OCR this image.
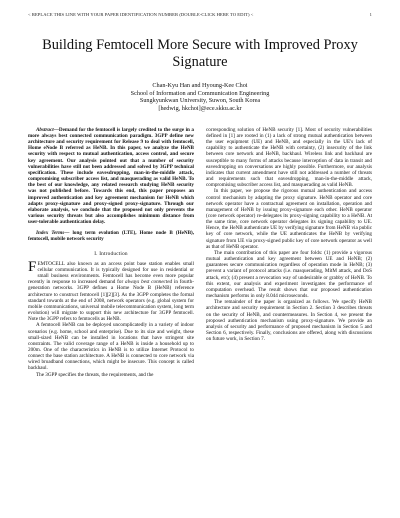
< REPLACE THIS LINE WITH YOUR PAPER IDENTIFICATION NUMBER (DOUBLE-CLICK HERE TO EDIT) <	1
Building Femtocell More Secure with Improved Proxy Signature
Chan-Kyu Han and Hyoung-Kee Choi
School of Information and Communication Engineering
Sungkyunkwan University, Suwon, South Korea
[hedwig, hkchoi]@ece.skku.ac.kr

Abstract—Demand for the femtocell is largely credited to the surge in a more always best connected communication paradigm. 3GPP define new architecture and security requirement for Release 9 to deal with femtocell, Home eNode B referred as HeNB. In this paper, we analyze the HeNB security with respect to mutual authentication, access control, and secure key agreement. Our analysis pointed out that a number of security vulnerabilities have still not been addressed and solved by 3GPP technical specification. These include eavesdropping, man-in-the-middle attack, compromising subscriber access list, and masquerading as valid HeNB. To the best of our knowledge, any related research studying HeNB security was not published before. Towards this end, this paper proposes an improved authentication and key agreement mechanism for HeNB which adapts proxy-signature and proxy-signed proxy-signature. Through our elaborate analysis, we conclude that the proposed not only prevents the various security threats but also accomplishes minimum distance from user-tolerable authentication delay.

Index Terms— long term evolution (LTE), Home node B (HeNB), femtocell, mobile network security

I. Introduction

FEMTOCELL also known as an access point base station enables small cellular communication. It is typically designed for use in residential or small business environments. Femtocell has become even more popular recently in response to increased demand for always best connected in fourth-generation networks. 3GPP defines a Home Node B (HeNB) reference architecture to construct femtocell [1][2][3]. As the 3GPP completes the formal standard towards at the end of 2008, network operators (e.g. global system for mobile communications, universal mobile telecommunication system, long term evolution) will migrate to support this new architecture for 3GPP femtocell. Note the 3GPP refers to femtocells as HeNB.

A femtocell HeNB can be deployed uncomplicatedly in a variety of indoor scenarios (e.g. home, school and enterprise). Due to its size and weight, these small-sized HeNB can be installed in locations that have stringent site constraints. The valid coverage range of a HeNB is inside a household up to 200m. One of the characteristics in HeNB is to utilize Internet Protocol to connect the base station architecture. A HeNB is connected to core network via wired broadband connections, which might be insecure. This concept is called backhaul.

The 3GPP specifies the threats, the requirements, and the

corresponding solution of HeNB security [1]. Most of security vulnerabilities defined in [1] are rooted in (1) a lack of strong mutual authentication between the user equipment (UE) and HeNB, and especially in the UE's lack of capability to authenticate the HeNB with certainty, (2) insecurity of the link between core network and HeNB, backhaul. Wireless link and backhaul are susceptible to many forms of attacks because interception of data in transit and eavesdropping on conversations are highly possible. Furthermore, our analysis indicates that current amendment have still not addressed a number of threats and requirements such that eavesdropping, man-in-the-middle attack, compromising subscriber access list, and masquerading as valid HeNB.

In this paper, we propose the rigorous mutual authentication and access control mechanism by adapting the proxy signature. HeNB operator and core network operator have a contractual agreement on installation, operation and management of HeNB by issuing proxy-signature each other. HeNB operator (core network operator) re-delegates its proxy-signing capability to a HeNB. At the same time, core network operator delegates its signing capability to UE. Hence, the HeNB authenticate UE by verifying signature from HeNB via public key of core network, while the UE authenticates the HeNB by verifying signature from UE via proxy-signed public key of core network operator as well as that of HeNB operator.

The main contribution of this paper are four folds: (1) provide a vigorous mutual authentication and key agreement between UE and HeNB; (2) guarantees secure communication regardless of operation mode in HeNB; (3) prevent a variant of protocol attacks (i.e. masquerading, MitM attack, and DoS attack, etc); (4) present a revocation way of undesirable or grabby of HeNB. To this extent, our analysis and experiment investigates the performance of computation overhead. The result shows that our proposed authentication mechanism performs in only 8.044 microseconds.

The remainder of the paper is organized as follows. We specify HeNB architecture and security requirement in Section 2. Section 3 describes threats on the security of HeNB, and countermeasures. In Section 4, we present the proposed authentication mechanism using proxy-signature. We provide an analysis of security and performance of proposed mechanism in Section 5 and Section 6, respectively. Finally, conclusions are offered, along with discussions on future work, in Section 7.
